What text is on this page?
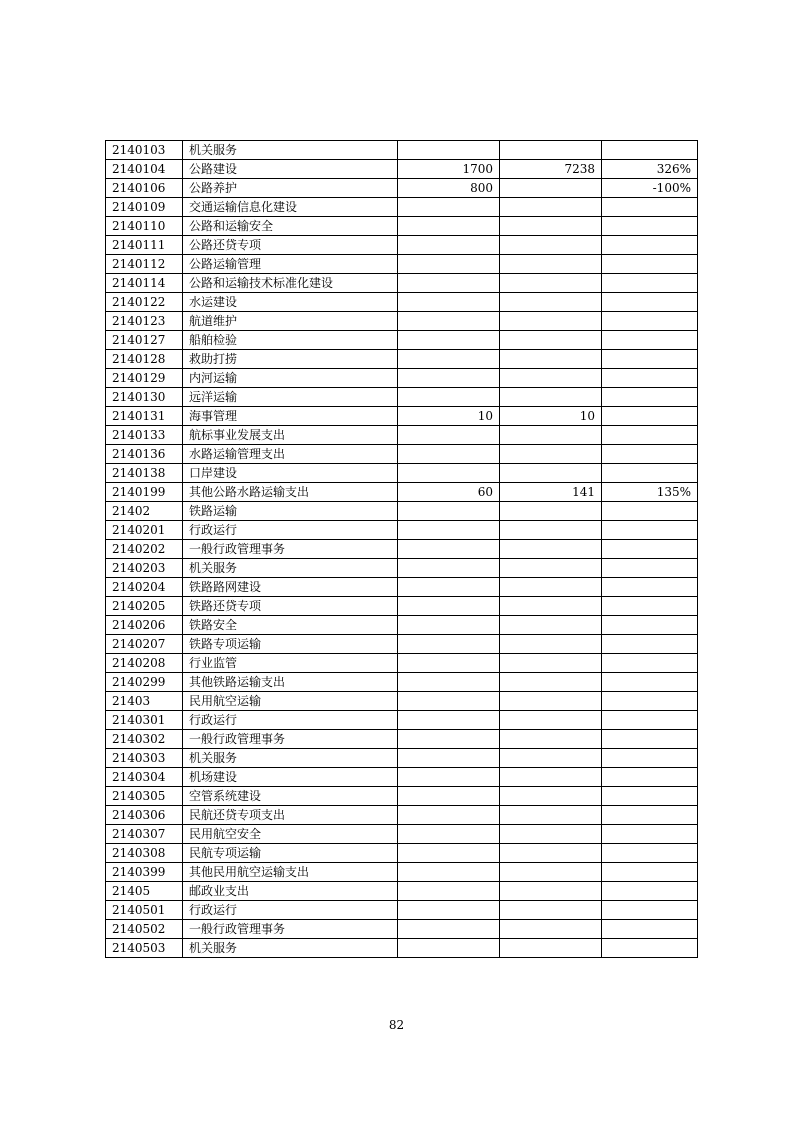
2140103	机关服务			
2140104	公路建设	1700	7238	326%
2140106	公路养护	800		-100%
2140109	交通运输信息化建设			
2140110	公路和运输安全			
2140111	公路还贷专项			
2140112	公路运输管理			
2140114	公路和运输技术标准化建设			
2140122	水运建设			
2140123	航道维护			
2140127	船舶检验			
2140128	救助打捞			
2140129	内河运输			
2140130	远洋运输			
2140131	海事管理	10	10	
2140133	航标事业发展支出			
2140136	水路运输管理支出			
2140138	口岸建设			
2140199	其他公路水路运输支出	60	141	135%
21402	铁路运输			
2140201	行政运行			
2140202	一般行政管理事务			
2140203	机关服务			
2140204	铁路路网建设			
2140205	铁路还贷专项			
2140206	铁路安全			
2140207	铁路专项运输			
2140208	行业监管			
2140299	其他铁路运输支出			
21403	民用航空运输			
2140301	行政运行			
2140302	一般行政管理事务			
2140303	机关服务			
2140304	机场建设			
2140305	空管系统建设			
2140306	民航还贷专项支出			
2140307	民用航空安全			
2140308	民航专项运输			
2140399	其他民用航空运输支出			
21405	邮政业支出			
2140501	行政运行			
2140502	一般行政管理事务			
2140503	机关服务			
82
